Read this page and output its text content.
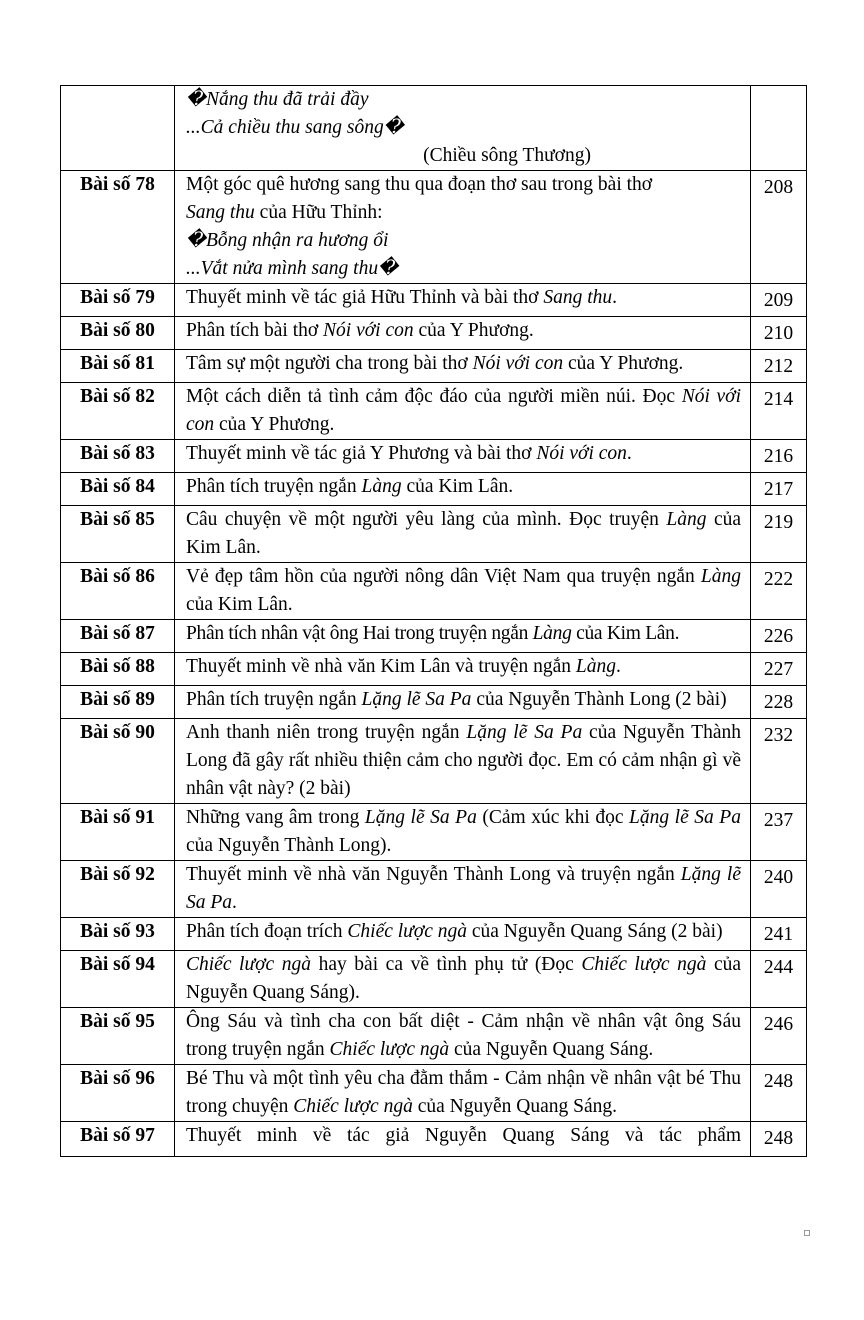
	�Nắng thu đã trải đầy
...Cả chiều thu sang sông�
(Chiều sông Thương)	

Bài số 78	Một góc quê hương sang thu qua đoạn thơ sau trong bài thơ
Sang thu của Hữu Thỉnh:
�Bỗng nhận ra hương ổi
...Vắt nửa mình sang thu�	208
Bài số 79	Thuyết minh về tác giả Hữu Thỉnh và bài thơ Sang thu.	209
Bài số 80	Phân tích bài thơ Nói với con của Y Phương.	210
Bài số 81	Tâm sự một người cha trong bài thơ Nói với con của Y Phương.	212
Bài số 82	Một cách diễn tả tình cảm độc đáo của người miền núi. Đọc Nói với con của Y Phương.	214
Bài số 83	Thuyết minh về tác giả Y Phương và bài thơ Nói với con.	216
Bài số 84	Phân tích truyện ngắn Làng của Kim Lân.	217
Bài số 85	Câu chuyện về một người yêu làng của mình. Đọc truyện Làng của Kim Lân.	219
Bài số 86	Vẻ đẹp tâm hồn của người nông dân Việt Nam qua truyện ngắn Làng của Kim Lân.	222
Bài số 87	Phân tích nhân vật ông Hai trong truyện ngắn Làng của Kim Lân.	226
Bài số 88	Thuyết minh về nhà văn Kim Lân và truyện ngắn Làng.	227
Bài số 89	Phân tích truyện ngắn Lặng lẽ Sa Pa của Nguyễn Thành Long (2 bài)	228
Bài số 90	Anh thanh niên trong truyện ngắn Lặng lẽ Sa Pa của Nguyễn Thành Long đã gây rất nhiều thiện cảm cho người đọc. Em có cảm nhận gì về nhân vật này? (2 bài)	232
Bài số 91	Những vang âm trong Lặng lẽ Sa Pa (Cảm xúc khi đọc Lặng lẽ Sa Pa của Nguyễn Thành Long).	237
Bài số 92	Thuyết minh về nhà văn Nguyễn Thành Long và truyện ngắn Lặng lẽ Sa Pa.	240
Bài số 93	Phân tích đoạn trích Chiếc lược ngà của Nguyễn Quang Sáng (2 bài)	241
Bài số 94	Chiếc lược ngà hay bài ca về tình phụ tử (Đọc Chiếc lược ngà của Nguyễn Quang Sáng).	244
Bài số 95	Ông Sáu và tình cha con bất diệt - Cảm nhận về nhân vật ông Sáu trong truyện ngắn Chiếc lược ngà của Nguyễn Quang Sáng.	246
Bài số 96	Bé Thu và một tình yêu cha đằm thắm - Cảm nhận về nhân vật bé Thu trong chuyện Chiếc lược ngà của Nguyễn Quang Sáng.	248
Bài số 97	Thuyết minh về tác giả Nguyễn Quang Sáng và tác phẩm	248
